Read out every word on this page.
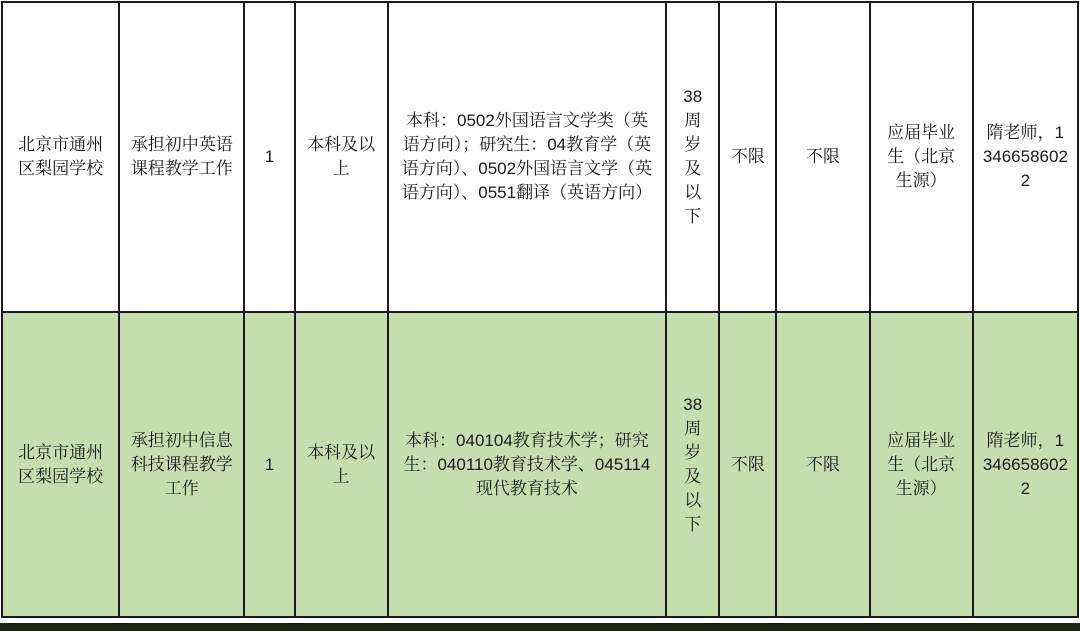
北京市通州区梨园学校	承担初中英语课程教学工作	1	本科及以上	本科：0502外国语言文学类（英语方向）；研究生：04教育学（英语方向）、0502外国语言文学（英语方向）、0551翻译（英语方向）	38周岁及以下	不限	不限	应届毕业生（北京生源）	隋老师，13466586022
北京市通州区梨园学校	承担初中信息科技课程教学工作	1	本科及以上	本科：040104教育技术学；研究生：040110教育技术学、045114现代教育技术	38周岁及以下	不限	不限	应届毕业生（北京生源）	隋老师，13466586022
